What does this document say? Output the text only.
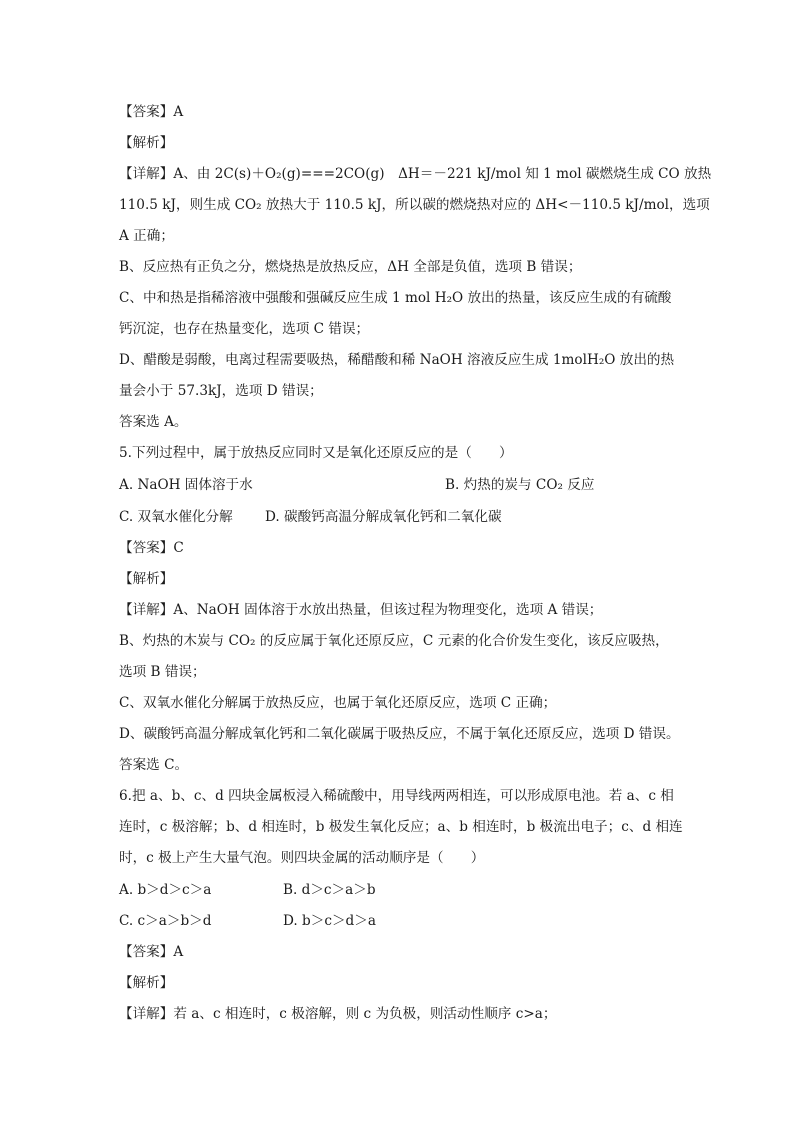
【答案】A
【解析】
【详解】A、由 2C(s)＋O₂(g)===2CO(g)　ΔH＝－221 kJ/mol 知 1 mol 碳燃烧生成 CO 放热
110.5 kJ，则生成 CO₂ 放热大于 110.5 kJ，所以碳的燃烧热对应的 ΔH<－110.5 kJ/mol，选项
A 正确；
B、反应热有正负之分，燃烧热是放热反应，ΔH 全部是负值，选项 B 错误；
C、中和热是指稀溶液中强酸和强碱反应生成 1 mol H₂O 放出的热量，该反应生成的有硫酸
钙沉淀，也存在热量变化，选项 C 错误；
D、醋酸是弱酸，电离过程需要吸热，稀醋酸和稀 NaOH 溶液反应生成 1molH₂O 放出的热
量会小于 57.3kJ，选项 D 错误；
答案选 A。
5.下列过程中，属于放热反应同时又是氧化还原反应的是（　　）
A. NaOH 固体溶于水	B. 灼热的炭与 CO₂ 反应
C. 双氧水催化分解 D. 碳酸钙高温分解成氧化钙和二氧化碳
【答案】C
【解析】
【详解】A、NaOH 固体溶于水放出热量，但该过程为物理变化，选项 A 错误；
B、灼热的木炭与 CO₂ 的反应属于氧化还原反应，C 元素的化合价发生变化，该反应吸热，
选项 B 错误；
C、双氧水催化分解属于放热反应，也属于氧化还原反应，选项 C 正确；
D、碳酸钙高温分解成氧化钙和二氧化碳属于吸热反应，不属于氧化还原反应，选项 D 错误。
答案选 C。
6.把 a、b、c、d 四块金属板浸入稀硫酸中，用导线两两相连，可以形成原电池。若 a、c 相
连时，c 极溶解；b、d 相连时，b 极发生氧化反应；a、b 相连时，b 极流出电子；c、d 相连
时，c 极上产生大量气泡。则四块金属的活动顺序是（　　）
A. b＞d＞c＞a	B. d＞c＞a＞b
C. c＞a＞b＞d	D. b＞c＞d＞a
【答案】A
【解析】
【详解】若 a、c 相连时，c 极溶解，则 c 为负极，则活动性顺序 c>a；
